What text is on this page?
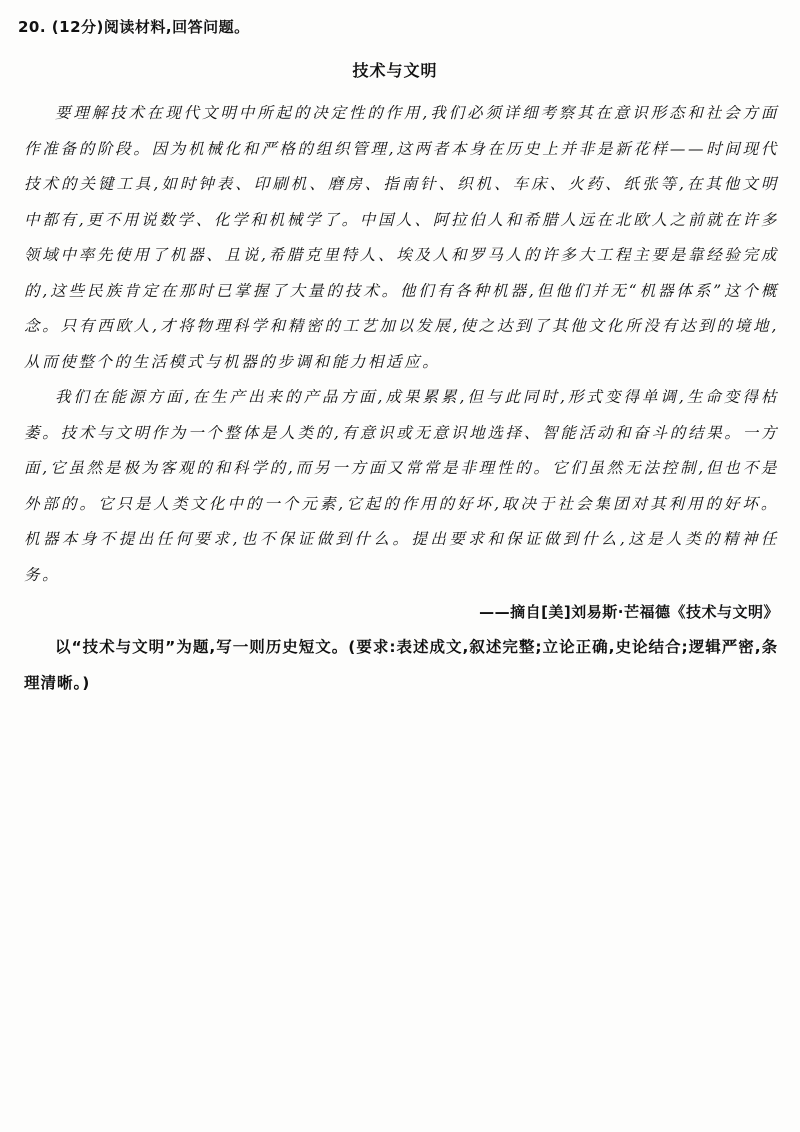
20. (12分)阅读材料,回答问题。
技术与文明

要理解技术在现代文明中所起的决定性的作用,我们必须详细考察其在意识形态和社会方面作准备的阶段。因为机械化和严格的组织管理,这两者本身在历史上并非是新花样——时间现代技术的关键工具,如时钟表、印刷机、磨房、指南针、织机、车床、火药、纸张等,在其他文明中都有,更不用说数学、化学和机械学了。中国人、阿拉伯人和希腊人远在北欧人之前就在许多领域中率先使用了机器、且说,希腊克里特人、埃及人和罗马人的许多大工程主要是靠经验完成的,这些民族肯定在那时已掌握了大量的技术。他们有各种机器,但他们并无“机器体系”这个概念。只有西欧人,才将物理科学和精密的工艺加以发展,使之达到了其他文化所没有达到的境地,从而使整个的生活模式与机器的步调和能力相适应。

我们在能源方面,在生产出来的产品方面,成果累累,但与此同时,形式变得单调,生命变得枯萎。技术与文明作为一个整体是人类的,有意识或无意识地选择、智能活动和奋斗的结果。一方面,它虽然是极为客观的和科学的,而另一方面又常常是非理性的。它们虽然无法控制,但也不是外部的。它只是人类文化中的一个元素,它起的作用的好坏,取决于社会集团对其利用的好坏。机器本身不提出任何要求,也不保证做到什么。提出要求和保证做到什么,这是人类的精神任务。

——摘自[美]刘易斯·芒福德《技术与文明》

以“技术与文明”为题,写一则历史短文。(要求:表述成文,叙述完整;立论正确,史论结合;逻辑严密,条理清晰。)
